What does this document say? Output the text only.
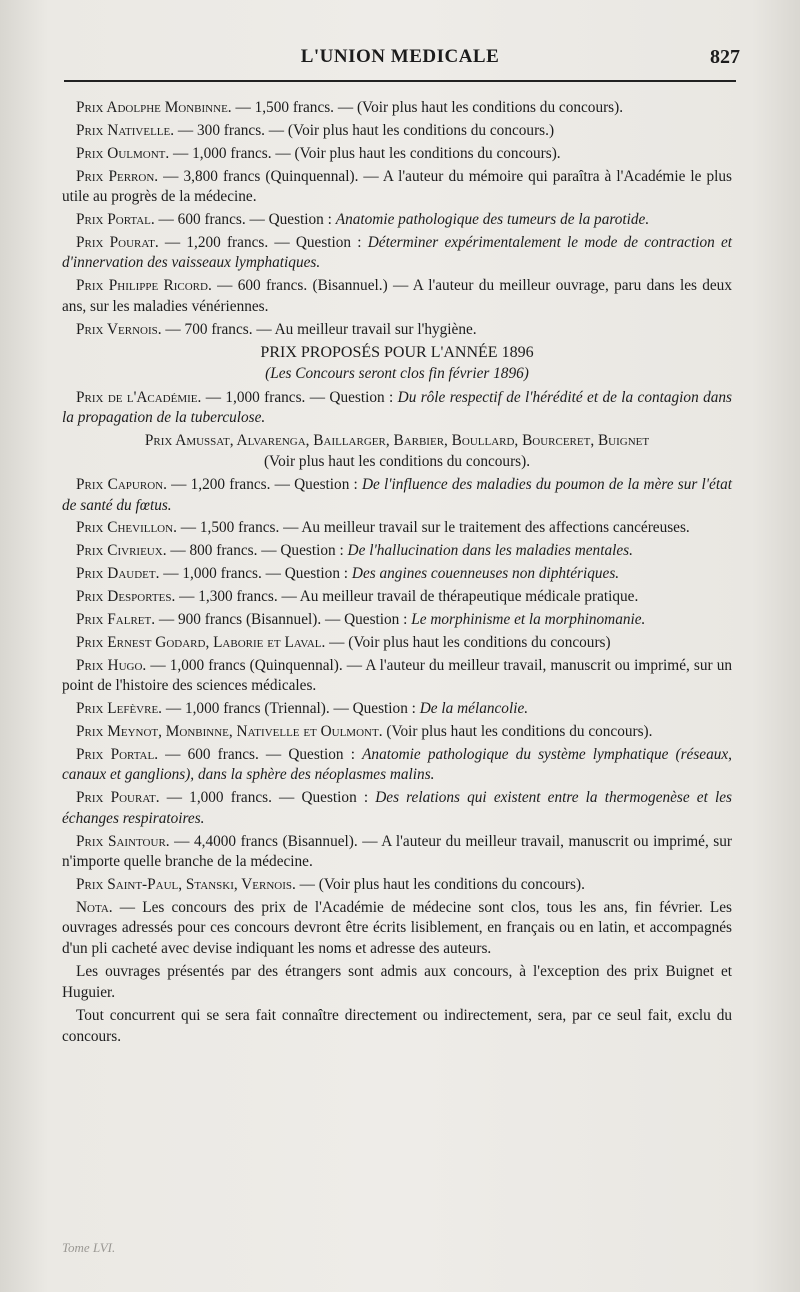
L'UNION MEDICALE	827

Prix Adolphe Monbinne. — 1,500 francs. — (Voir plus haut les conditions du concours).

Prix Nativelle. — 300 francs. — (Voir plus haut les conditions du concours.)

Prix Oulmont. — 1,000 francs. — (Voir plus haut les conditions du concours).

Prix Perron. — 3,800 francs (Quinquennal). — A l'auteur du mémoire qui paraîtra à l'Académie le plus utile au progrès de la médecine.

Prix Portal. — 600 francs. — Question : Anatomie pathologique des tumeurs de la parotide.

Prix Pourat. — 1,200 francs. — Question : Déterminer expérimentalement le mode de contraction et d'innervation des vaisseaux lymphatiques.

Prix Philippe Ricord. — 600 francs. (Bisannuel.) — A l'auteur du meilleur ouvrage, paru dans les deux ans, sur les maladies vénériennes.

Prix Vernois. — 700 francs. — Au meilleur travail sur l'hygiène.

PRIX PROPOSÉS POUR L'ANNÉE 1896
(Les Concours seront clos fin février 1896)

Prix de l'Académie. — 1,000 francs. — Question : Du rôle respectif de l'hérédité et de la contagion dans la propagation de la tuberculose.

Prix Amussat, Alvarenga, Baillarger, Barbier, Boullard, Bourceret, Buignet
(Voir plus haut les conditions du concours).

Prix Capuron. — 1,200 francs. — Question : De l'influence des maladies du poumon de la mère sur l'état de santé du fœtus.

Prix Chevillon. — 1,500 francs. — Au meilleur travail sur le traitement des affections cancéreuses.

Prix Civrieux. — 800 francs. — Question : De l'hallucination dans les maladies mentales.

Prix Daudet. — 1,000 francs. — Question : Des angines couenneuses non diphtériques.

Prix Desportes. — 1,300 francs. — Au meilleur travail de thérapeutique médicale pratique.

Prix Falret. — 900 francs (Bisannuel). — Question : Le morphinisme et la morphinomanie.

Prix Ernest Godard, Laborie et Laval. — (Voir plus haut les conditions du concours)

Prix Hugo. — 1,000 francs (Quinquennal). — A l'auteur du meilleur travail, manuscrit ou imprimé, sur un point de l'histoire des sciences médicales.

Prix Lefèvre. — 1,000 francs (Triennal). — Question : De la mélancolie.

Prix Meynot, Monbinne, Nativelle et Oulmont. (Voir plus haut les conditions du concours).

Prix Portal. — 600 francs. — Question : Anatomie pathologique du système lymphatique (réseaux, canaux et ganglions), dans la sphère des néoplasmes malins.

Prix Pourat. — 1,000 francs. — Question : Des relations qui existent entre la thermogenèse et les échanges respiratoires.

Prix Saintour. — 4,4000 francs (Bisannuel). — A l'auteur du meilleur travail, manuscrit ou imprimé, sur n'importe quelle branche de la médecine.

Prix Saint-Paul, Stanski, Vernois. — (Voir plus haut les conditions du concours).

Nota. — Les concours des prix de l'Académie de médecine sont clos, tous les ans, fin février. Les ouvrages adressés pour ces concours devront être écrits lisiblement, en français ou en latin, et accompagnés d'un pli cacheté avec devise indiquant les noms et adresse des auteurs.

Les ouvrages présentés par des étrangers sont admis aux concours, à l'exception des prix Buignet et Huguier.

Tout concurrent qui se sera fait connaître directement ou indirectement, sera, par ce seul fait, exclu du concours.

Tome LVI.
